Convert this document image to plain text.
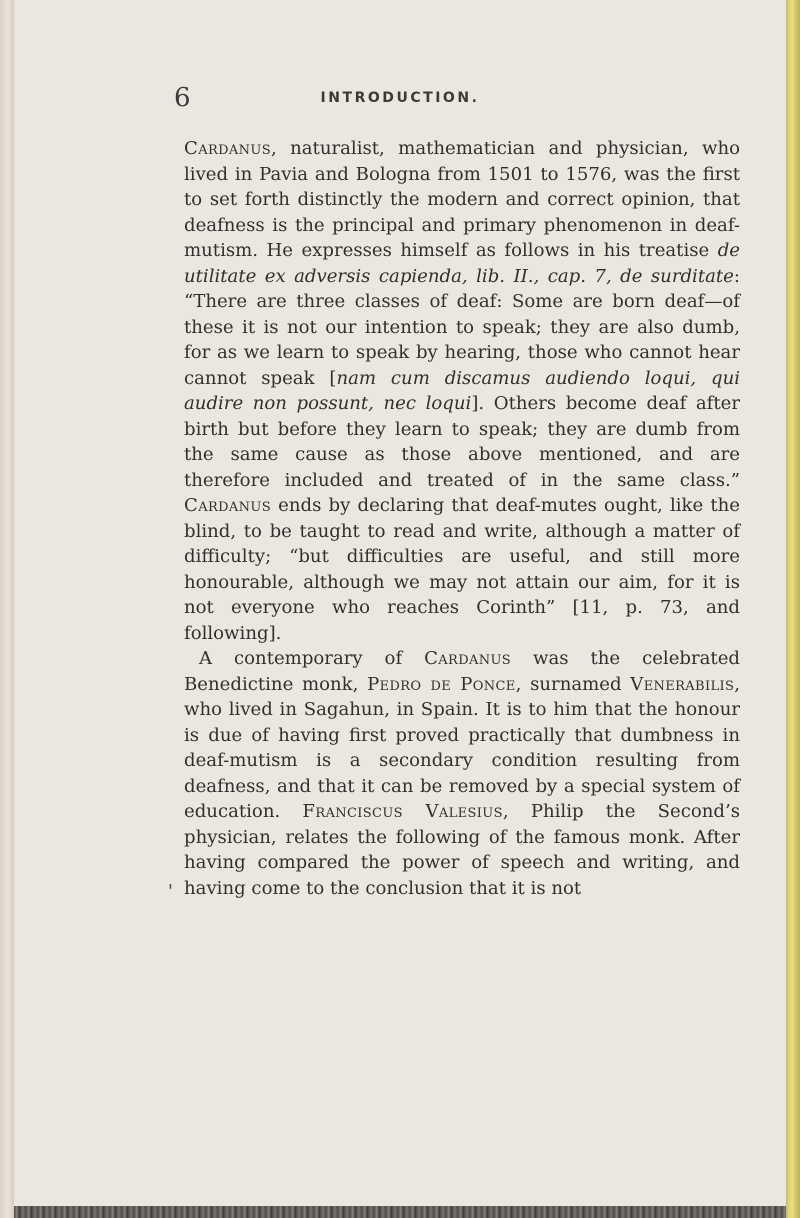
6	INTRODUCTION.
'

Cardanus, naturalist, mathematician and physician, who lived in Pavia and Bologna from 1501 to 1576, was the first to set forth distinctly the modern and correct opinion, that deafness is the principal and primary phenomenon in deaf-mutism. He expresses himself as follows in his treatise de utilitate ex adversis capienda, lib. II., cap. 7, de surditate: “There are three classes of deaf: Some are born deaf—of these it is not our intention to speak; they are also dumb, for as we learn to speak by hearing, those who cannot hear cannot speak [nam cum discamus audiendo loqui, qui audire non possunt, nec loqui]. Others become deaf after birth but before they learn to speak; they are dumb from the same cause as those above mentioned, and are therefore included and treated of in the same class.” Cardanus ends by declaring that deaf-mutes ought, like the blind, to be taught to read and write, although a matter of difficulty; “but difficulties are useful, and still more honourable, although we may not attain our aim, for it is not everyone who reaches Corinth” [11, p. 73, and following].

A contemporary of Cardanus was the celebrated Benedictine monk, Pedro de Ponce, surnamed Venerabilis, who lived in Sagahun, in Spain. It is to him that the honour is due of having first proved practically that dumbness in deaf-mutism is a secondary condition resulting from deafness, and that it can be removed by a special system of education. Franciscus Valesius, Philip the Second’s physician, relates the following of the famous monk. After having compared the power of speech and writing, and having come to the conclusion that it is not
